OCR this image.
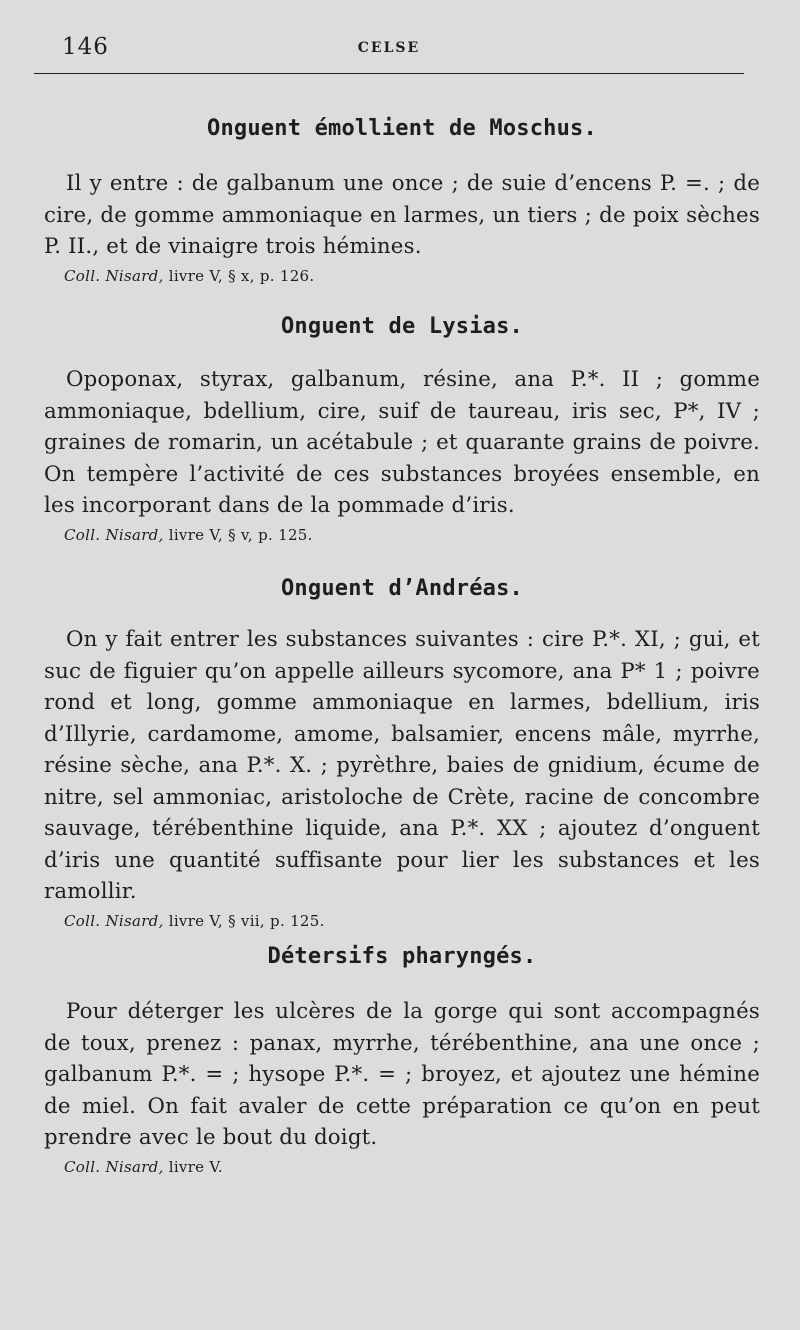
146	CELSE
Onguent émollient de Moschus.

Il y entre : de galbanum une once ; de suie d’encens P. =. ; de cire, de gomme ammoniaque en larmes, un tiers ; de poix sèches P. II., et de vinaigre trois hémines.

Coll. Nisard, livre V, § x, p. 126.
Onguent de Lysias.

Opoponax, styrax, galbanum, résine, ana P.*. II ; gomme ammoniaque, bdellium, cire, suif de taureau, iris sec, P*, IV ; graines de romarin, un acétabule ; et quarante grains de poivre. On tempère l’activité de ces substances broyées ensemble, en les incorporant dans de la pommade d’iris.

Coll. Nisard, livre V, § v, p. 125.
Onguent d’Andréas.

On y fait entrer les substances suivantes : cire P.*. XI, ; gui, et suc de figuier qu’on appelle ailleurs sycomore, ana P* 1 ; poivre rond et long, gomme ammoniaque en larmes, bdellium, iris d’Illyrie, cardamome, amome, balsamier, encens mâle, myrrhe, résine sèche, ana P.*. X. ; pyrèthre, baies de gnidium, écume de nitre, sel ammoniac, aristoloche de Crète, racine de concombre sauvage, térébenthine liquide, ana P.*. XX ; ajoutez d’onguent d’iris une quantité suffisante pour lier les substances et les ramollir.

Coll. Nisard, livre V, § vii, p. 125.
Détersifs pharyngés.

Pour déterger les ulcères de la gorge qui sont accompagnés de toux, prenez : panax, myrrhe, térébenthine, ana une once ; galbanum P.*. = ; hysope P.*. = ; broyez, et ajoutez une hémine de miel. On fait avaler de cette préparation ce qu’on en peut prendre avec le bout du doigt.

Coll. Nisard, livre V.
